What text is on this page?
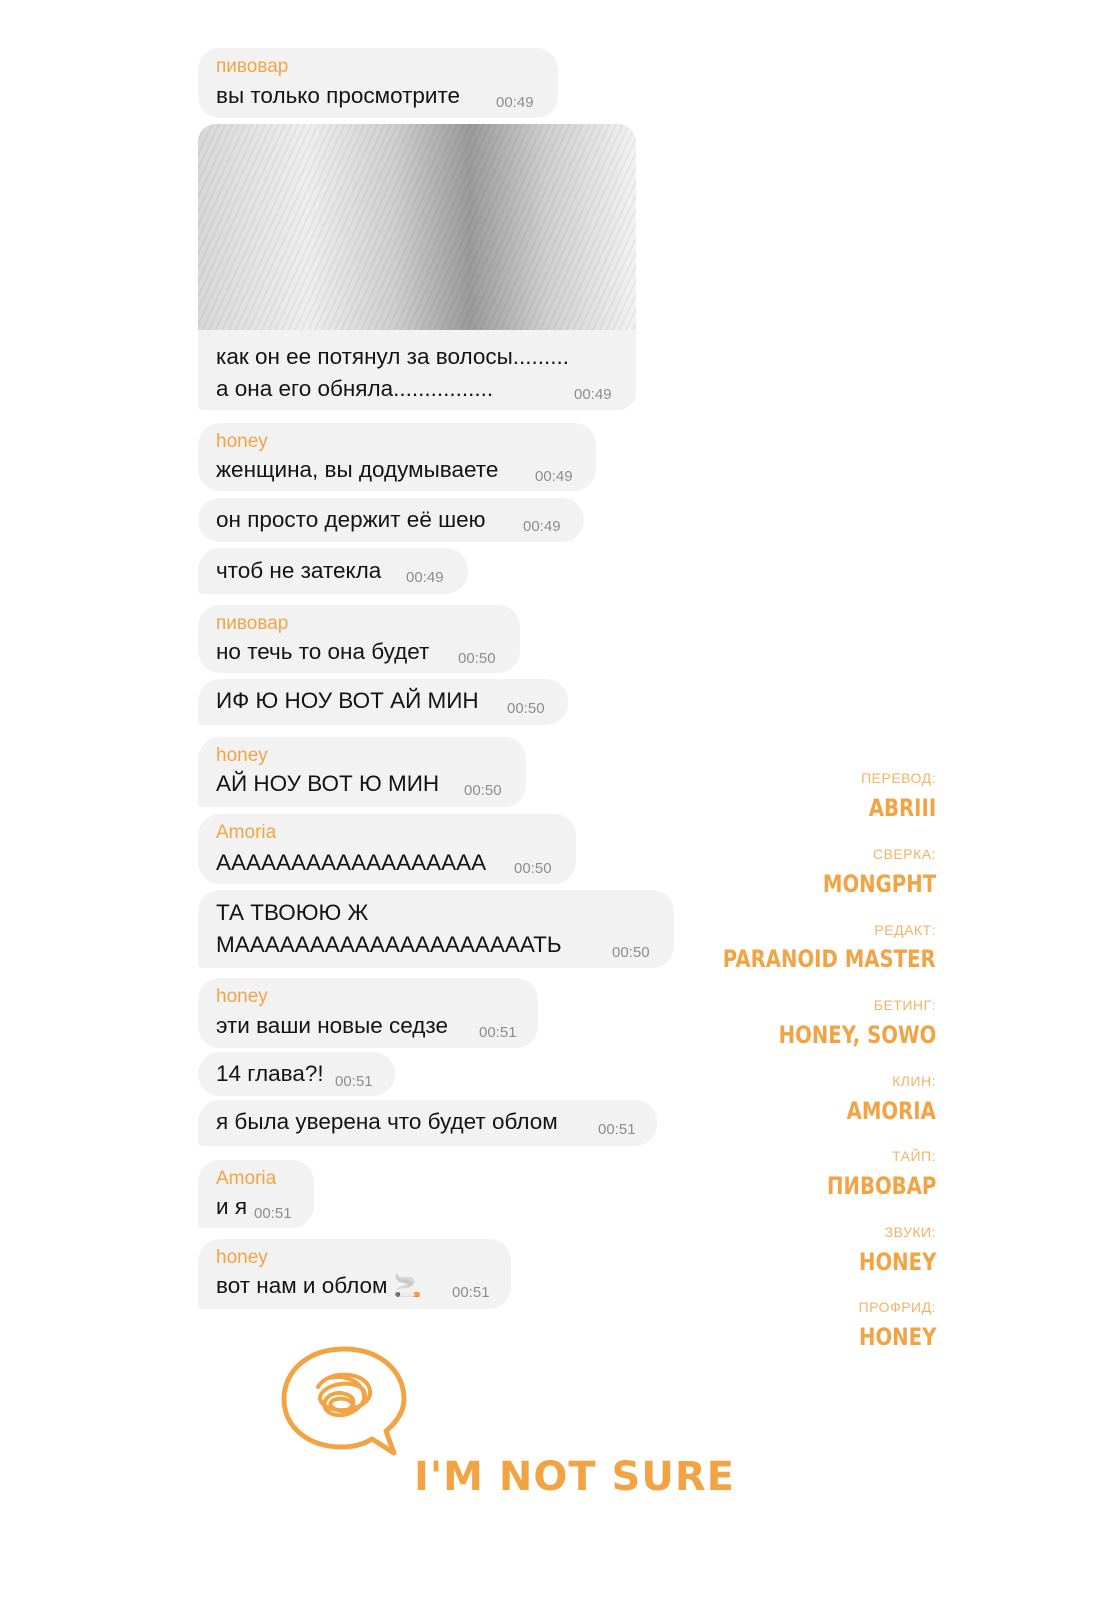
пивовар
вы только просмотрите 00:49
как он ее потянул за волосы.........
а она его обняла................	00:49
honey
женщина, вы додумываете 00:49
он просто держит её шею 00:49
чтоб не затекла 00:49
пивовар
но течь то она будет 00:50
ИФ Ю НОУ ВОТ АЙ МИН 00:50
honey
АЙ НОУ ВОТ Ю МИН 00:50
Amoria
АААААААААААААААААА 00:50
ТА ТВОЮЮ Ж
МААААААААААААААААААААТЬ	00:50
honey
эти ваши новые седзе 00:51
14 глава?! 00:51
я была уверена что будет облом	00:51
Amoria
и я 00:51
honey
вот нам и облом 🚬 00:51
ПЕРЕВОД:
ABRIII
СВЕРКА:
MONGPHT
РЕДАКТ:
PARANOID MASTER
БЕТИНГ:
HONEY, SOWO
КЛИН:
AMORIA
ТАЙП:
ПИВОВАР
ЗВУКИ:
HONEY
ПРОФРИД:
HONEY
I'M NOT SURE
